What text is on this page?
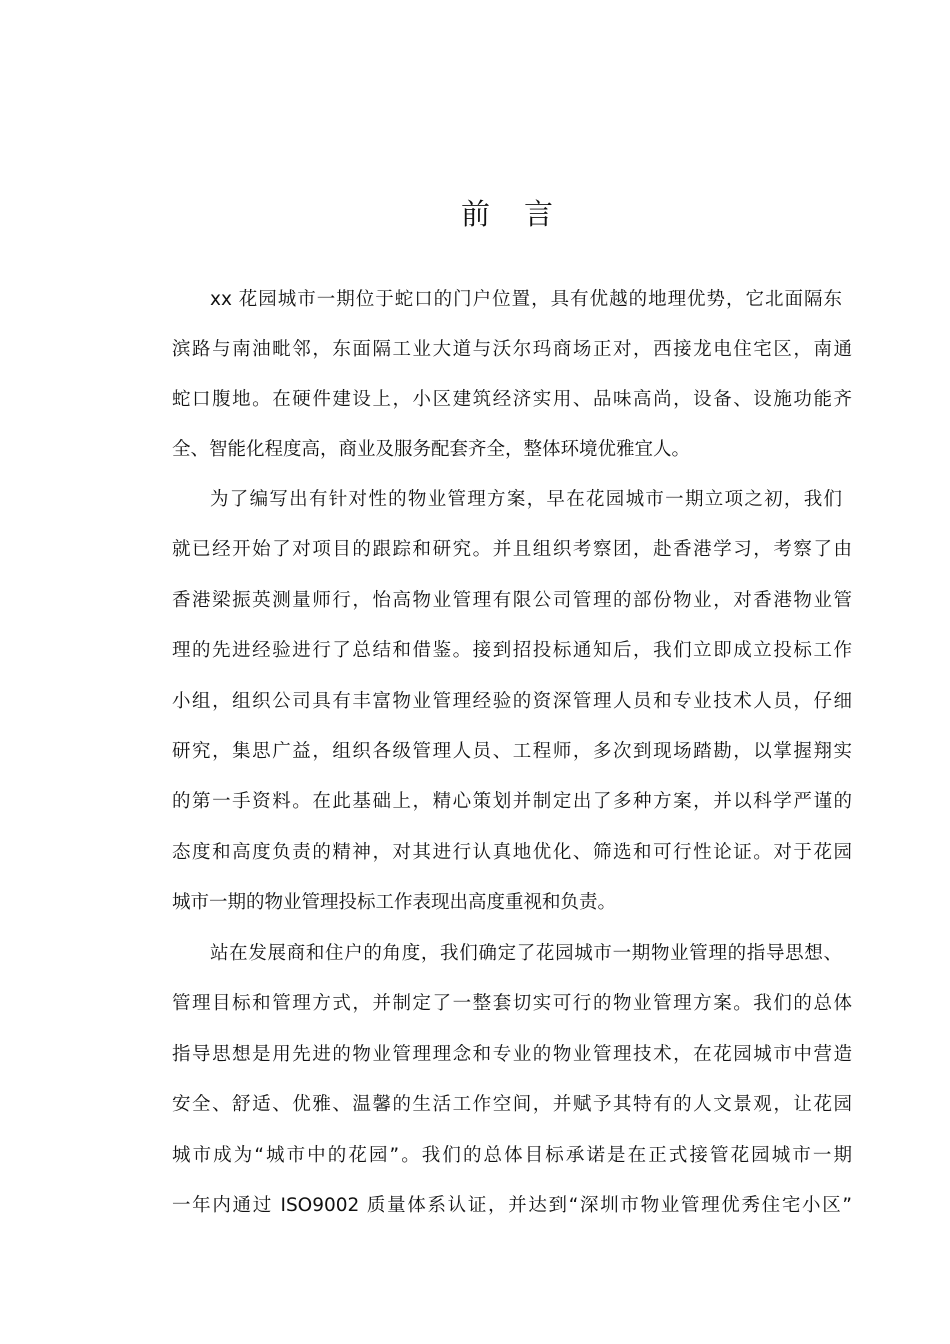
前 言
xx 花园城市一期位于蛇口的门户位置，具有优越的地理优势，它北面隔东
滨路与南油毗邻，东面隔工业大道与沃尔玛商场正对，西接龙电住宅区，南通
蛇口腹地。在硬件建设上，小区建筑经济实用、品味高尚，设备、设施功能齐
全、智能化程度高，商业及服务配套齐全，整体环境优雅宜人。
为了编写出有针对性的物业管理方案，早在花园城市一期立项之初，我们
就已经开始了对项目的跟踪和研究。并且组织考察团，赴香港学习，考察了由
香港梁振英测量师行，怡高物业管理有限公司管理的部份物业，对香港物业管
理的先进经验进行了总结和借鉴。接到招投标通知后，我们立即成立投标工作
小组，组织公司具有丰富物业管理经验的资深管理人员和专业技术人员，仔细
研究，集思广益，组织各级管理人员、工程师，多次到现场踏勘，以掌握翔实
的第一手资料。在此基础上，精心策划并制定出了多种方案，并以科学严谨的
态度和高度负责的精神，对其进行认真地优化、筛选和可行性论证。对于花园
城市一期的物业管理投标工作表现出高度重视和负责。
站在发展商和住户的角度，我们确定了花园城市一期物业管理的指导思想、
管理目标和管理方式，并制定了一整套切实可行的物业管理方案。我们的总体
指导思想是用先进的物业管理理念和专业的物业管理技术，在花园城市中营造
安全、舒适、优雅、温馨的生活工作空间，并赋予其特有的人文景观，让花园
城市成为“城市中的花园”。我们的总体目标承诺是在正式接管花园城市一期
一年内通过 ISO9002 质量体系认证，并达到“深圳市物业管理优秀住宅小区”
